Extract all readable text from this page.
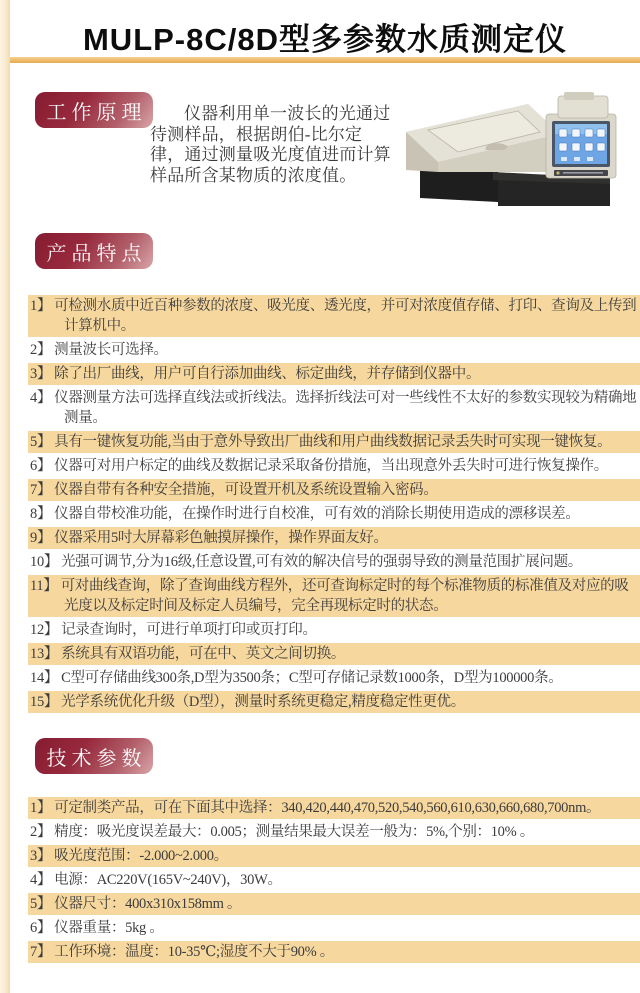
MULP-8C/8D型多参数水质测定仪
工作原理	仪器利用单一波长的光通过待测样品，根据朗伯-比尔定律，通过测量吸光度值进而计算样品所含某物质的浓度值。

产品特点
1】 可检测水质中近百种参数的浓度、吸光度、透光度，并可对浓度值存储、打印、查询及上传到计算机中。
2】 测量波长可选择。
3】 除了出厂曲线，用户可自行添加曲线、标定曲线，并存储到仪器中。
4】 仪器测量方法可选择直线法或折线法。选择折线法可对一些线性不太好的参数实现较为精确地测量。
5】 具有一键恢复功能,当由于意外导致出厂曲线和用户曲线数据记录丢失时可实现一键恢复。
6】 仪器可对用户标定的曲线及数据记录采取备份措施，当出现意外丢失时可进行恢复操作。
7】 仪器自带有各种安全措施，可设置开机及系统设置输入密码。
8】 仪器自带校准功能，在操作时进行自校准，可有效的消除长期使用造成的漂移误差。
9】 仪器采用5吋大屏幕彩色触摸屏操作，操作界面友好。
10】 光强可调节,分为16级,任意设置,可有效的解决信号的强弱导致的测量范围扩展问题。
11】 可对曲线查询，除了查询曲线方程外，还可查询标定时的每个标准物质的标准值及对应的吸光度以及标定时间及标定人员编号，完全再现标定时的状态。
12】 记录查询时，可进行单项打印或页打印。
13】 系统具有双语功能，可在中、英文之间切换。
14】 C型可存储曲线300条,D型为3500条；C型可存储记录数1000条，D型为100000条。
15】 光学系统优化升级（D型），测量时系统更稳定,精度稳定性更优。
技术参数
1】 可定制类产品，可在下面其中选择：340,420,440,470,520,540,560,610,630,660,680,700nm。
2】 精度：吸光度误差最大：0.005；测量结果最大误差一般为：5%,个别：10% 。
3】 吸光度范围：-2.000~2.000。
4】 电源：AC220V(165V~240V)，30W。
5】 仪器尺寸：400x310x158mm 。
6】 仪器重量：5kg 。
7】 工作环境：温度：10-35℃;湿度不大于90% 。
